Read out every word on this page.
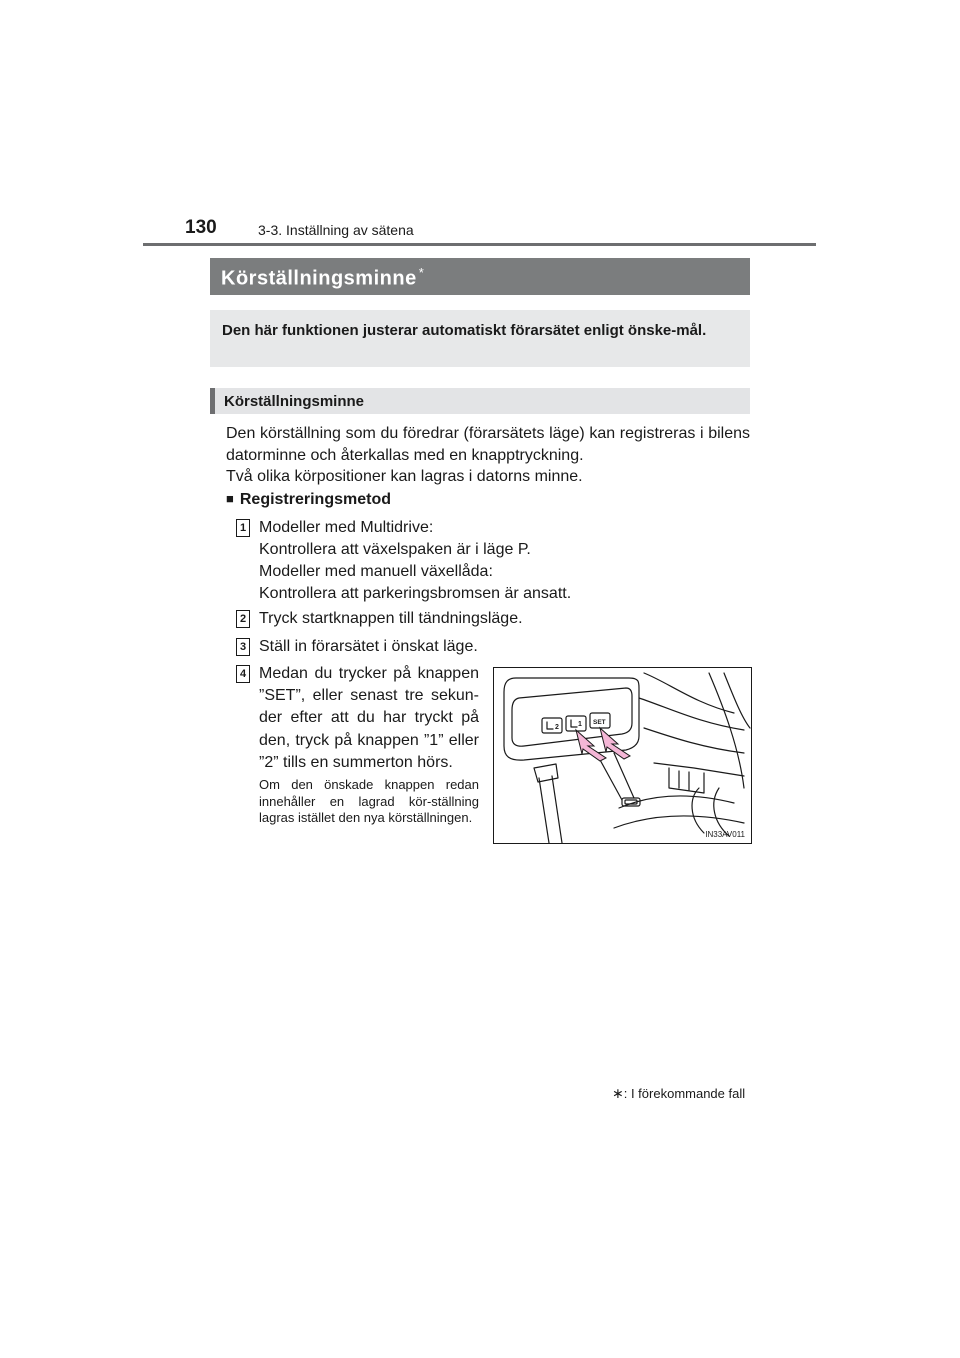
130	3-3. Inställning av sätena
Körställningsminne *
Den här funktionen justerar automatiskt förarsätet enligt önske-mål.
Körställningsminne
Den körställning som du föredrar (förarsätets läge) kan registreras i bilens datorminne och återkallas med en knapptryckning.
Två olika körpositioner kan lagras i datorns minne.
■ Registreringsmetod
1 Modeller med Multidrive:
Kontrollera att växelspaken är i läge P.
Modeller med manuell växellåda:
Kontrollera att parkeringsbromsen är ansatt.
2 Tryck startknappen till tändningsläge.
3 Ställ in förarsätet i önskat läge.
4 Medan du trycker på knappen ”SET”, eller senast tre sekun-der efter att du har tryckt på den, tryck på knappen ”1” eller ”2” tills en summerton hörs.
Om den önskade knappen redan innehåller en lagrad kör-ställning lagras istället den nya körställningen.
2	1 SET
IN33AV011
∗: I förekommande fall
